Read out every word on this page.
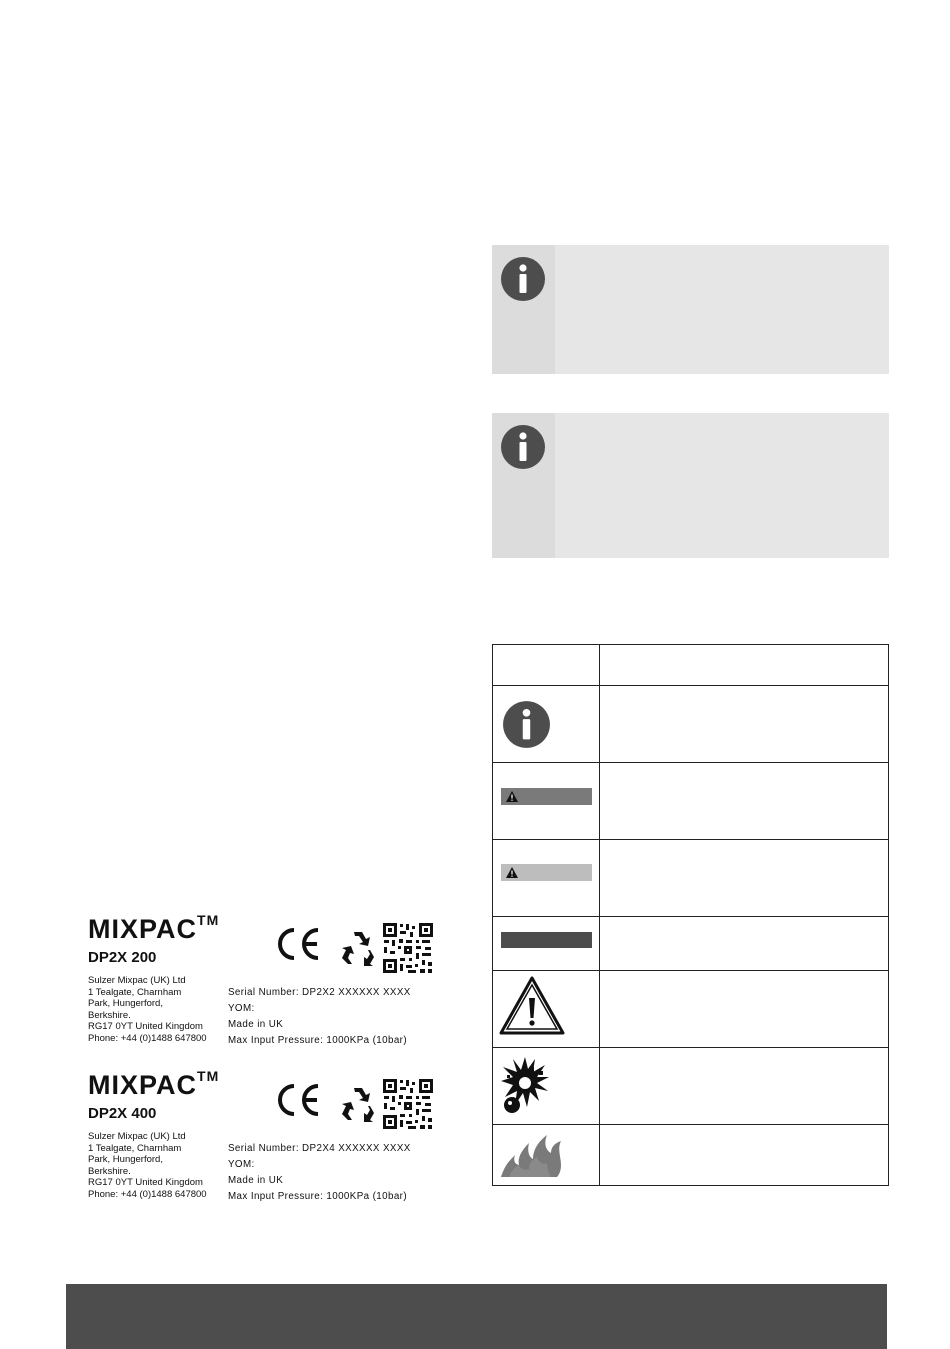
MIXPAC™
DP2X 200
Sulzer Mixpac (UK) Ltd
1 Tealgate, Charnham
Park, Hungerford,
Berkshire.
RG17 0YT United Kingdom
Phone: +44 (0)1488 647800
Serial Number: DP2X2 XXXXXX XXXX
YOM:
Made in UK
Max Input Pressure: 1000KPa (10bar)
MIXPAC™
DP2X 400
Sulzer Mixpac (UK) Ltd
1 Tealgate, Charnham
Park, Hungerford,
Berkshire.
RG17 0YT United Kingdom
Phone: +44 (0)1488 647800
Serial Number: DP2X4 XXXXXX XXXX
YOM:
Made in UK
Max Input Pressure: 1000KPa (10bar)
